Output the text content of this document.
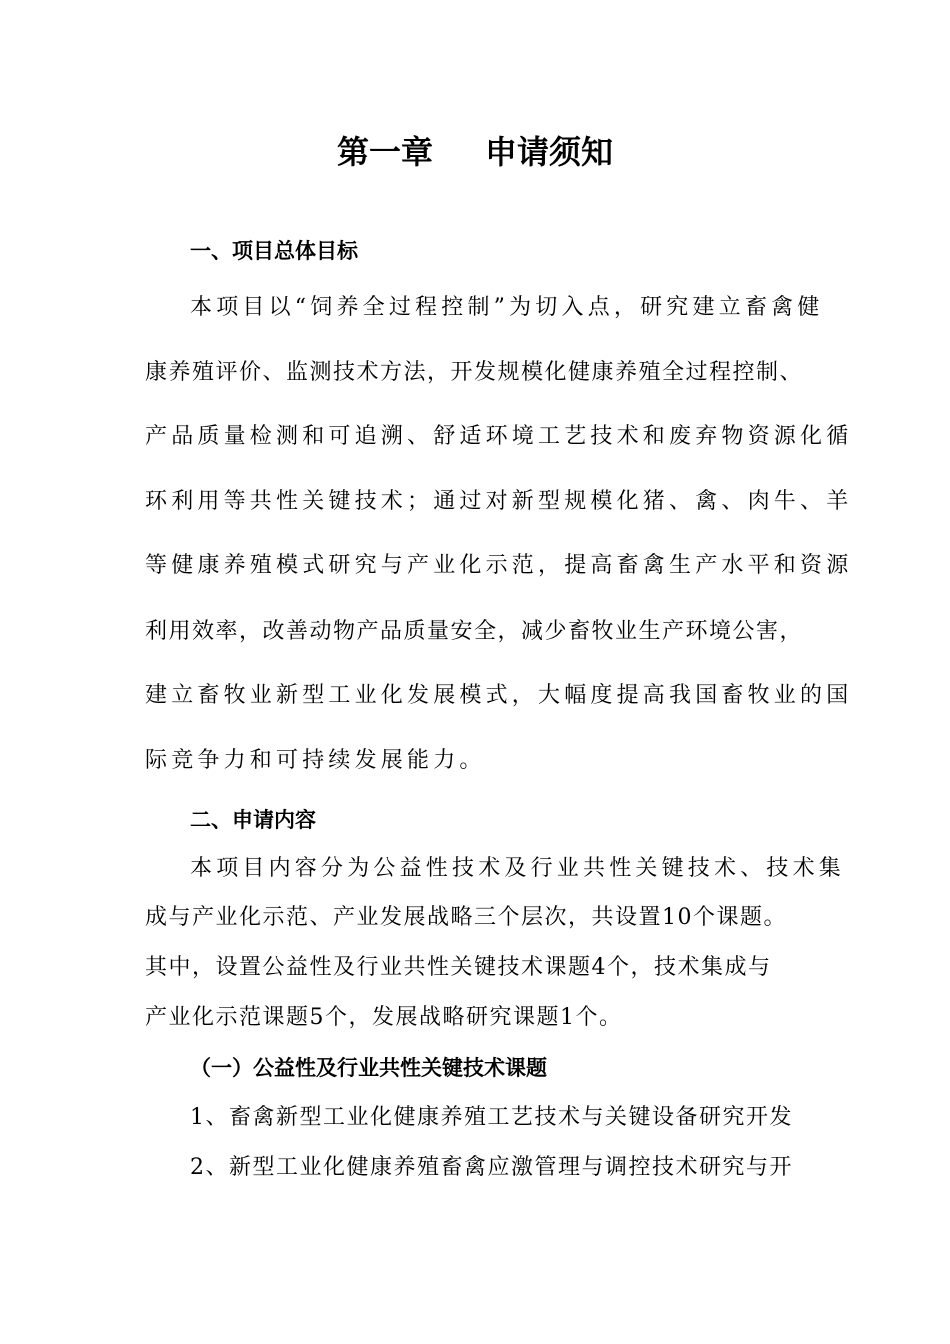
第一章 申请须知
一、项目总体目标
本项目以“饲养全过程控制”为切入点，研究建立畜禽健
康养殖评价、监测技术方法，开发规模化健康养殖全过程控制、
产品质量检测和可追溯、舒适环境工艺技术和废弃物资源化循
环利用等共性关键技术；通过对新型规模化猪、禽、肉牛、羊
等健康养殖模式研究与产业化示范，提高畜禽生产水平和资源
利用效率，改善动物产品质量安全，减少畜牧业生产环境公害，
建立畜牧业新型工业化发展模式，大幅度提高我国畜牧业的国
际竞争力和可持续发展能力。
二、申请内容
本项目内容分为公益性技术及行业共性关键技术、技术集
成与产业化示范、产业发展战略三个层次，共设置10个课题。
其中，设置公益性及行业共性关键技术课题4个，技术集成与
产业化示范课题5个，发展战略研究课题1个。
（一）公益性及行业共性关键技术课题
1、畜禽新型工业化健康养殖工艺技术与关键设备研究开发
2、新型工业化健康养殖畜禽应激管理与调控技术研究与开
